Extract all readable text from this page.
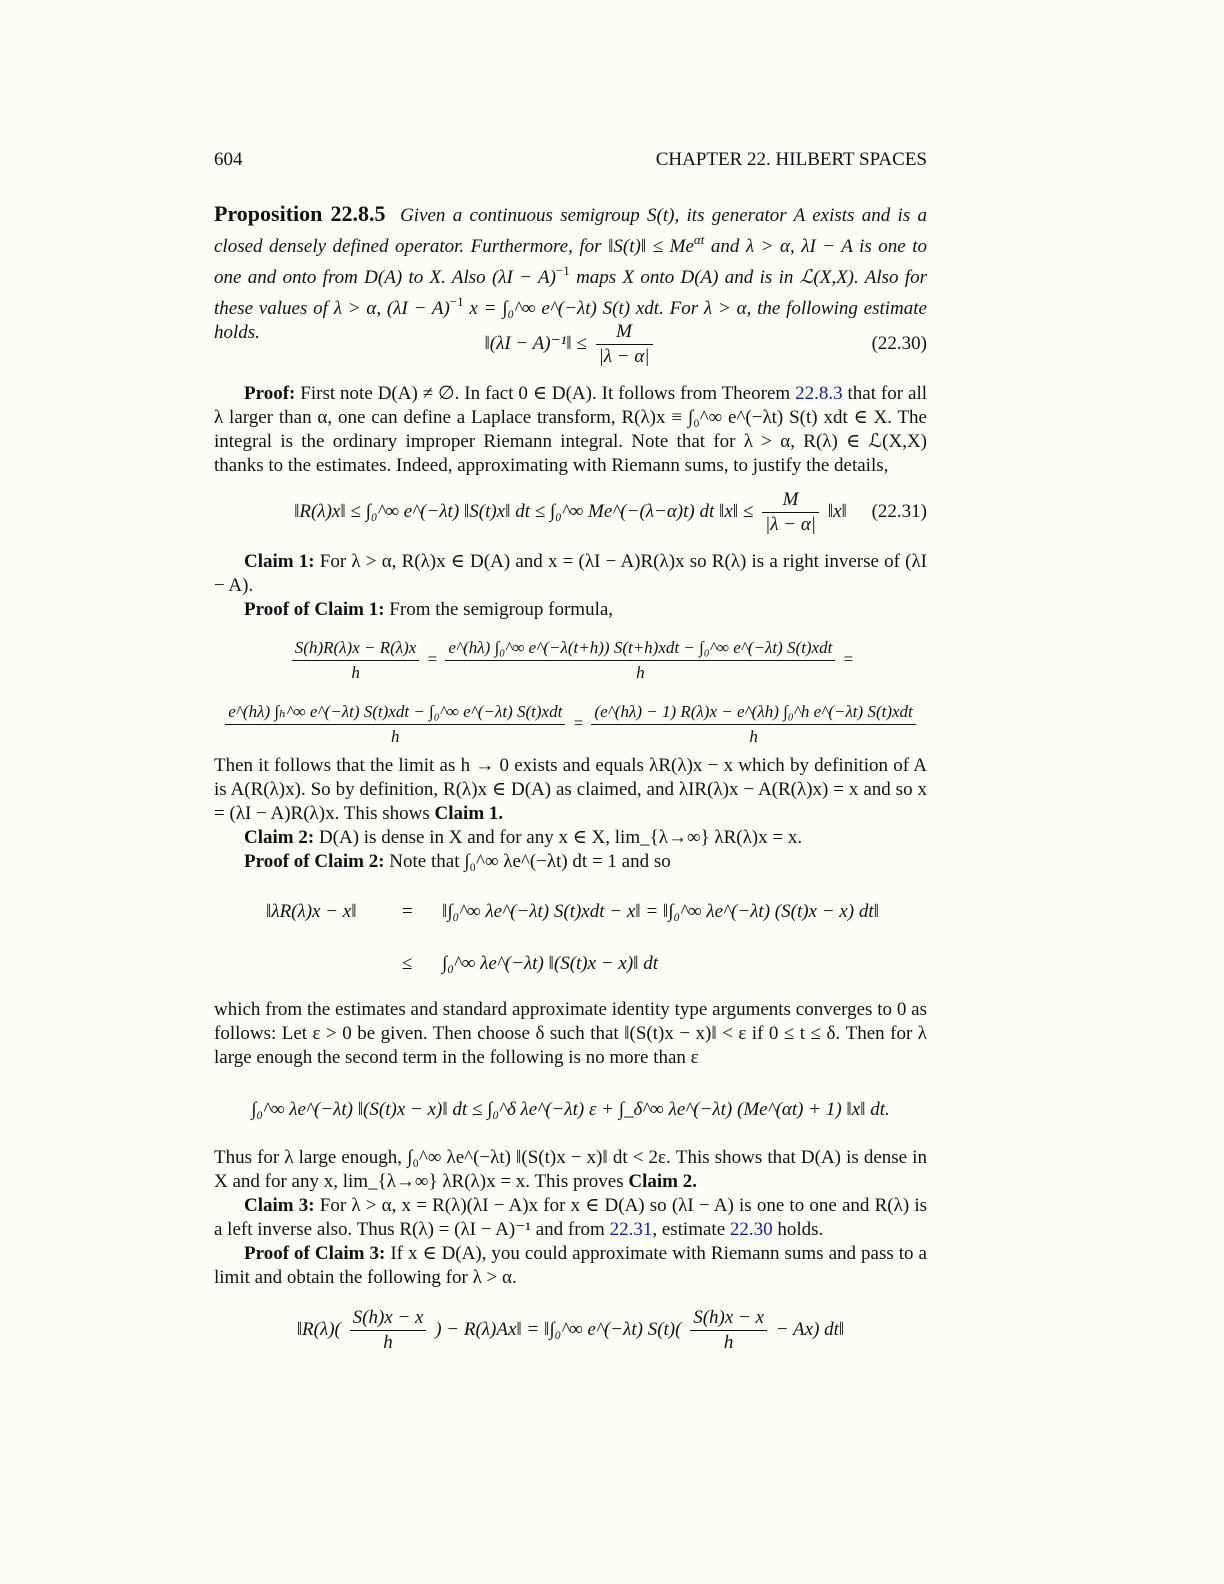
604	CHAPTER 22. HILBERT SPACES
Proposition 22.8.5 Given a continuous semigroup S(t), its generator A exists and is a closed densely defined operator. Furthermore, for ‖S(t)‖ ≤ $Me^{\alpha t}$ and λ > α, λI − A is one to one and onto from D(A) to X. Also $(\lambda I - A)^{-1}$ maps X onto D(A) and is in ℒ(X,X). Also for these values of λ > α, $(\lambda I - A)^{-1}$ x = ∫₀^∞ e^(−λt) S(t) xdt. For λ > α, the following estimate holds.
‖(λI − A)⁻¹‖ ≤ $\frac{M}{|\lambda - \alpha|}$	(22.30)
Proof: First note D(A) ≠ ∅. In fact 0 ∈ D(A). It follows from Theorem 22.8.3 that for all λ larger than α, one can define a Laplace transform, R(λ)x ≡ ∫₀^∞ e^(−λt) S(t) xdt ∈ X. The integral is the ordinary improper Riemann integral. Note that for λ > α, R(λ) ∈ ℒ(X,X) thanks to the estimates. Indeed, approximating with Riemann sums, to justify the details,
‖R(λ)x‖ ≤ ∫₀^∞ e^(−λt) ‖S(t)x‖ dt ≤ ∫₀^∞ Me^(−(λ−α)t) dt ‖x‖ ≤ $\frac{M}{|\lambda - \alpha|}$ ‖x‖ (22.31)
Claim 1: For λ > α, R(λ)x ∈ D(A) and x = (λI − A)R(λ)x so R(λ) is a right inverse of (λI − A).
Proof of Claim 1: From the semigroup formula,
$\frac{S(h)R(\lambda)x - R(\lambda)x}{h} = \frac{\text{e\textasciicircum{}(hλ) ∫₀\textasciicircum{}∞ e\textasciicircum{}(−λ(t+h)) S(t+h)xdt − ∫₀\textasciicircum{}∞ e\textasciicircum{}(−λt) S(t)xdt}}{h}$ =
$\frac{\text{e\textasciicircum{}(hλ) ∫ₕ\textasciicircum{}∞ e\textasciicircum{}(−λt) S(t)xdt − ∫₀\textasciicircum{}∞ e\textasciicircum{}(−λt) S(t)xdt}}{h} = \frac{\text{(e\textasciicircum{}(hλ) − 1) R(λ)x − e\textasciicircum{}(λh) ∫₀\textasciicircum{}h e\textasciicircum{}(−λt) S(t)xdt}}{h}$
Then it follows that the limit as h → 0 exists and equals λR(λ)x − x which by definition of A is A(R(λ)x). So by definition, R(λ)x ∈ D(A) as claimed, and λIR(λ)x − A(R(λ)x) = x and so x = (λI − A)R(λ)x. This shows Claim 1.
Claim 2: D(A) is dense in X and for any x ∈ X, lim_{λ→∞} λR(λ)x = x.
Proof of Claim 2: Note that ∫₀^∞ λe^(−λt) dt = 1 and so
‖λR(λ)x − x‖ = ‖∫₀^∞ λe^(−λt) S(t)xdt − x‖ = ‖∫₀^∞ λe^(−λt) (S(t)x − x) dt‖
≤ ∫₀^∞ λe^(−λt) ‖(S(t)x − x)‖ dt
which from the estimates and standard approximate identity type arguments converges to 0 as follows: Let ε > 0 be given. Then choose δ such that ‖(S(t)x − x)‖ < ε if 0 ≤ t ≤ δ. Then for λ large enough the second term in the following is no more than ε
∫₀^∞ λe^(−λt) ‖(S(t)x − x)‖ dt ≤ ∫₀^δ λe^(−λt) ε + ∫_δ^∞ λe^(−λt) (Me^(αt) + 1) ‖x‖ dt.
Thus for λ large enough, ∫₀^∞ λe^(−λt) ‖(S(t)x − x)‖ dt < 2ε. This shows that D(A) is dense in X and for any x, lim_{λ→∞} λR(λ)x = x. This proves Claim 2.
Claim 3: For λ > α, x = R(λ)(λI − A)x for x ∈ D(A) so (λI − A) is one to one and R(λ) is a left inverse also. Thus R(λ) = (λI − A)⁻¹ and from 22.31, estimate 22.30 holds.
Proof of Claim 3: If x ∈ D(A), you could approximate with Riemann sums and pass to a limit and obtain the following for λ > α.
‖R(λ)( $\frac{S(h)x - x}{h}$ ) − R(λ)Ax‖ = ‖∫₀^∞ e^(−λt) $S(t)( \frac{S(h)x - x}{h} - Ax)$ dt‖
